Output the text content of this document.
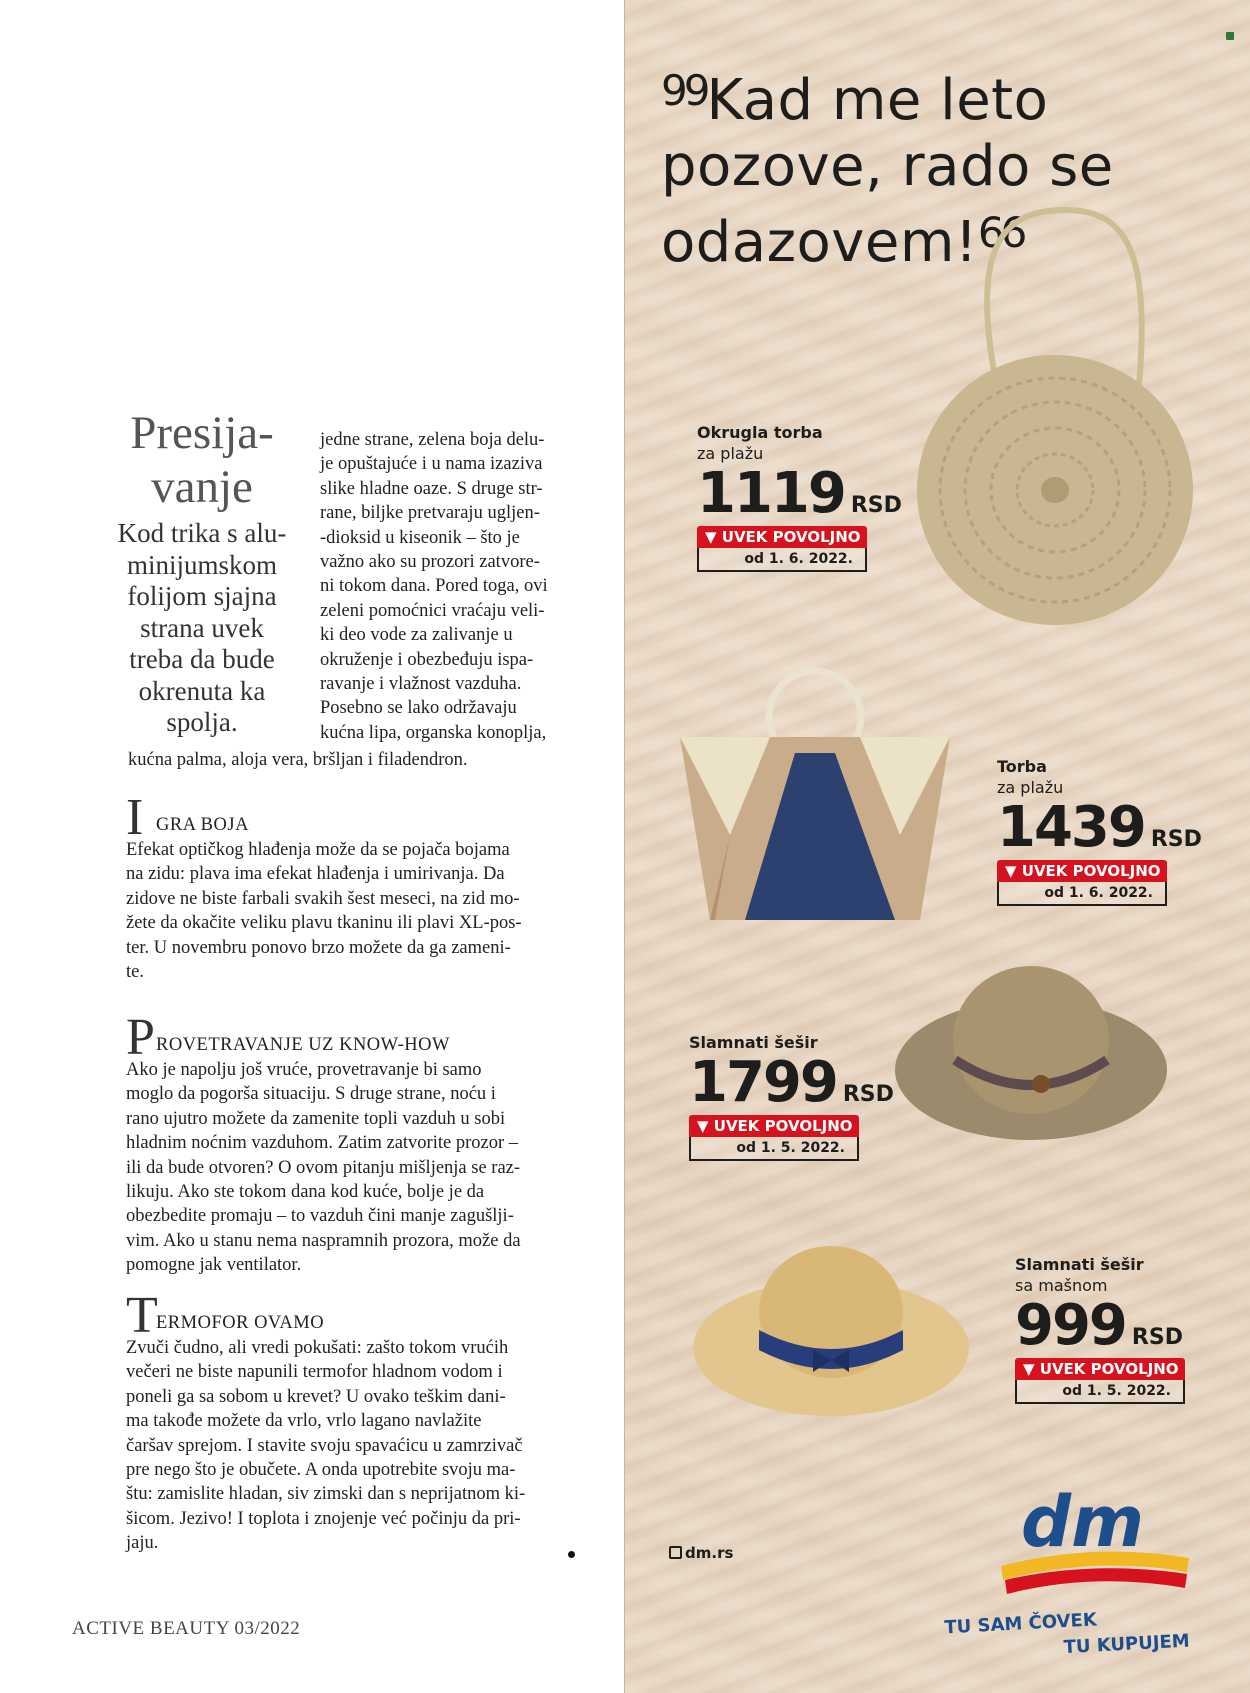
Presija-
vanje
Kod trika s alu-
minijumskom
folijom sjajna
strana uvek
treba da bude
okrenuta ka
spolja.
jedne strane, zelena boja delu-
je opuštajuće i u nama izaziva
slike hladne oaze. S druge str-
rane, biljke pretvaraju ugljen-
-dioksid u kiseonik – što je
važno ako su prozori zatvore-
ni tokom dana. Pored toga, ovi
zeleni pomoćnici vraćaju veli-
ki deo vode za zalivanje u
okruženje i obezbeđuju ispa-
ravanje i vlažnost vazduha.
Posebno se lako održavaju
kućna lipa, organska konoplja,
kućna palma, aloja vera, bršljan i filadendron.
I GRA BOJA
Efekat optičkog hlađenja može da se pojača bojama
na zidu: plava ima efekat hlađenja i umirivanja. Da
zidove ne biste farbali svakih šest meseci, na zid mo-
žete da okačite veliku plavu tkaninu ili plavi XL-pos-
ter. U novembru ponovo brzo možete da ga zameni-
te.
P ROVETRAVANJE UZ KNOW-HOW
Ako je napolju još vruće, provetravanje bi samo
moglo da pogorša situaciju. S druge strane, noću i
rano ujutro možete da zamenite topli vazduh u sobi
hladnim noćnim vazduhom. Zatim zatvorite prozor –
ili da bude otvoren? O ovom pitanju mišljenja se raz-
likuju. Ako ste tokom dana kod kuće, bolje je da
obezbedite promaju – to vazduh čini manje zagušlji-
vim. Ako u stanu nema naspramnih prozora, može da
pomogne jak ventilator.
T
ERMOFOR OVAMO
Zvuči čudno, ali vredi pokušati: zašto tokom vrućih
večeri ne biste napunili termofor hladnom vodom i
poneli ga sa sobom u krevet? U ovako teškim dani-
ma takođe možete da vrlo, vrlo lagano navlažite
čaršav sprejom. I stavite svoju spavaćicu u zamrzivač
pre nego što je obučete. A onda upotrebite svoju ma-
štu: zamislite hladan, siv zimski dan s neprijatnom ki-
šicom. Jezivo! I toplota i znojenje već počinju da pri-
jaju.
ACTIVE BEAUTY 03/2022
$^{99}$Kad me leto
pozove, rado se
odazovem!$^{66}$
Okrugla torba
za plažu
1119 RSD
▼ UVEK POVOLJNO
od 1. 6. 2022.
Torba
za plažu
1439 RSD
▼ UVEK POVOLJNO
od 1. 6. 2022.
Slamnati šešir
1799 RSD
▼ UVEK POVOLJNO
od 1. 5. 2022.
Slamnati šešir
sa mašnom
999 RSD
▼ UVEK POVOLJNO
od 1. 5. 2022.
dm.rs	dm
TU SAM ČOVEK
TU KUPUJEM
